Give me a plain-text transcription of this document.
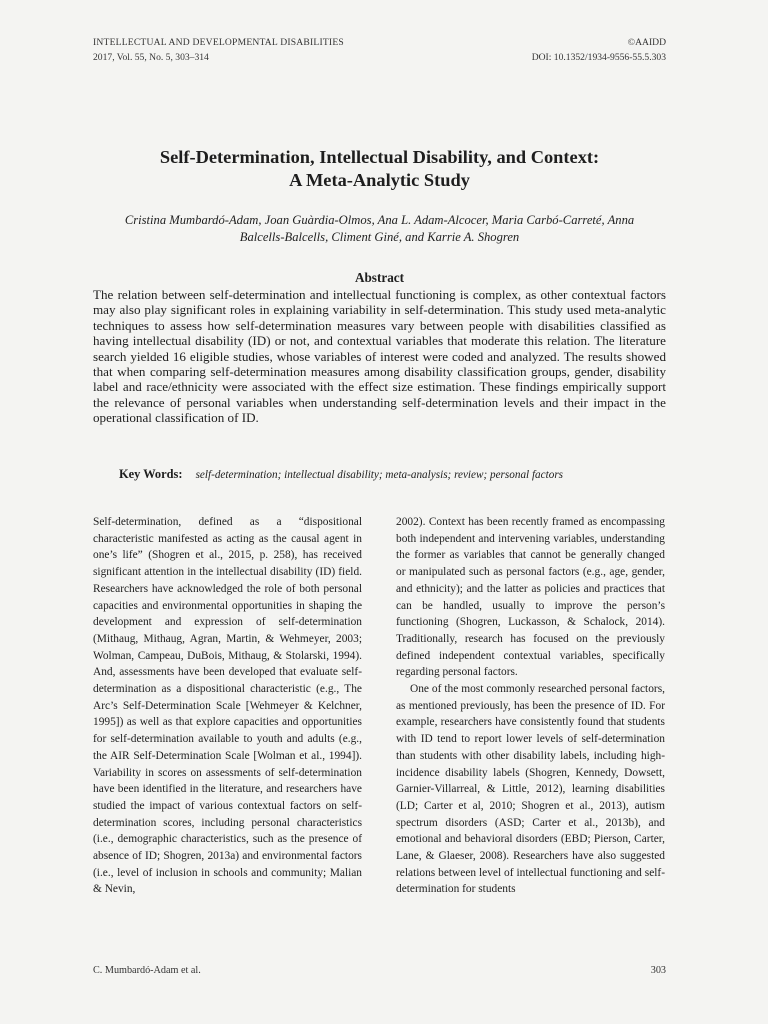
INTELLECTUAL AND DEVELOPMENTAL DISABILITIES	©AAIDD
2017, Vol. 55, No. 5, 303–314	DOI: 10.1352/1934-9556-55.5.303
Self-Determination, Intellectual Disability, and Context:
A Meta-Analytic Study
Cristina Mumbardó-Adam, Joan Guàrdia-Olmos, Ana L. Adam-Alcocer, Maria Carbó-Carreté, Anna
Balcells-Balcells, Climent Giné, and Karrie A. Shogren
Abstract

The relation between self-determination and intellectual functioning is complex, as other contextual factors may also play significant roles in explaining variability in self-determination. This study used meta-analytic techniques to assess how self-determination measures vary between people with disabilities classified as having intellectual disability (ID) or not, and contextual variables that moderate this relation. The literature search yielded 16 eligible studies, whose variables of interest were coded and analyzed. The results showed that when comparing self-determination measures among disability classification groups, gender, disability label and race/ethnicity were associated with the effect size estimation. These findings empirically support the relevance of personal variables when understanding self-determination levels and their impact in the operational classification of ID.

Key Words: self-determination; intellectual disability; meta-analysis; review; personal factors

Self-determination, defined as a “dispositional characteristic manifested as acting as the causal agent in one’s life” (Shogren et al., 2015, p. 258), has received significant attention in the intellectual disability (ID) field. Researchers have acknowledged the role of both personal capacities and environmental opportunities in shaping the development and expression of self-determination (Mithaug, Mithaug, Agran, Martin, & Wehmeyer, 2003; Wolman, Campeau, DuBois, Mithaug, & Stolarski, 1994). And, assessments have been developed that evaluate self-determination as a dispositional characteristic (e.g., The Arc’s Self-Determination Scale [Wehmeyer & Kelchner, 1995]) as well as that explore capacities and opportunities for self-determination available to youth and adults (e.g., the AIR Self-Determination Scale [Wolman et al., 1994]). Variability in scores on assessments of self-determination have been identified in the literature, and researchers have studied the impact of various contextual factors on self-determination scores, including personal characteristics (i.e., demographic characteristics, such as the presence of absence of ID; Shogren, 2013a) and environmental factors (i.e., level of inclusion in schools and community; Malian & Nevin,

2002). Context has been recently framed as encompassing both independent and intervening variables, understanding the former as variables that cannot be generally changed or manipulated such as personal factors (e.g., age, gender, and ethnicity); and the latter as policies and practices that can be handled, usually to improve the person’s functioning (Shogren, Luckasson, & Schalock, 2014). Traditionally, research has focused on the previously defined independent contextual variables, specifically regarding personal factors.

One of the most commonly researched personal factors, as mentioned previously, has been the presence of ID. For example, researchers have consistently found that students with ID tend to report lower levels of self-determination than students with other disability labels, including high-incidence disability labels (Shogren, Kennedy, Dowsett, Garnier-Villarreal, & Little, 2012), learning disabilities (LD; Carter et al, 2010; Shogren et al., 2013), autism spectrum disorders (ASD; Carter et al., 2013b), and emotional and behavioral disorders (EBD; Pierson, Carter, Lane, & Glaeser, 2008). Researchers have also suggested relations between level of intellectual functioning and self-determination for students

C. Mumbardó-Adam et al.	303
